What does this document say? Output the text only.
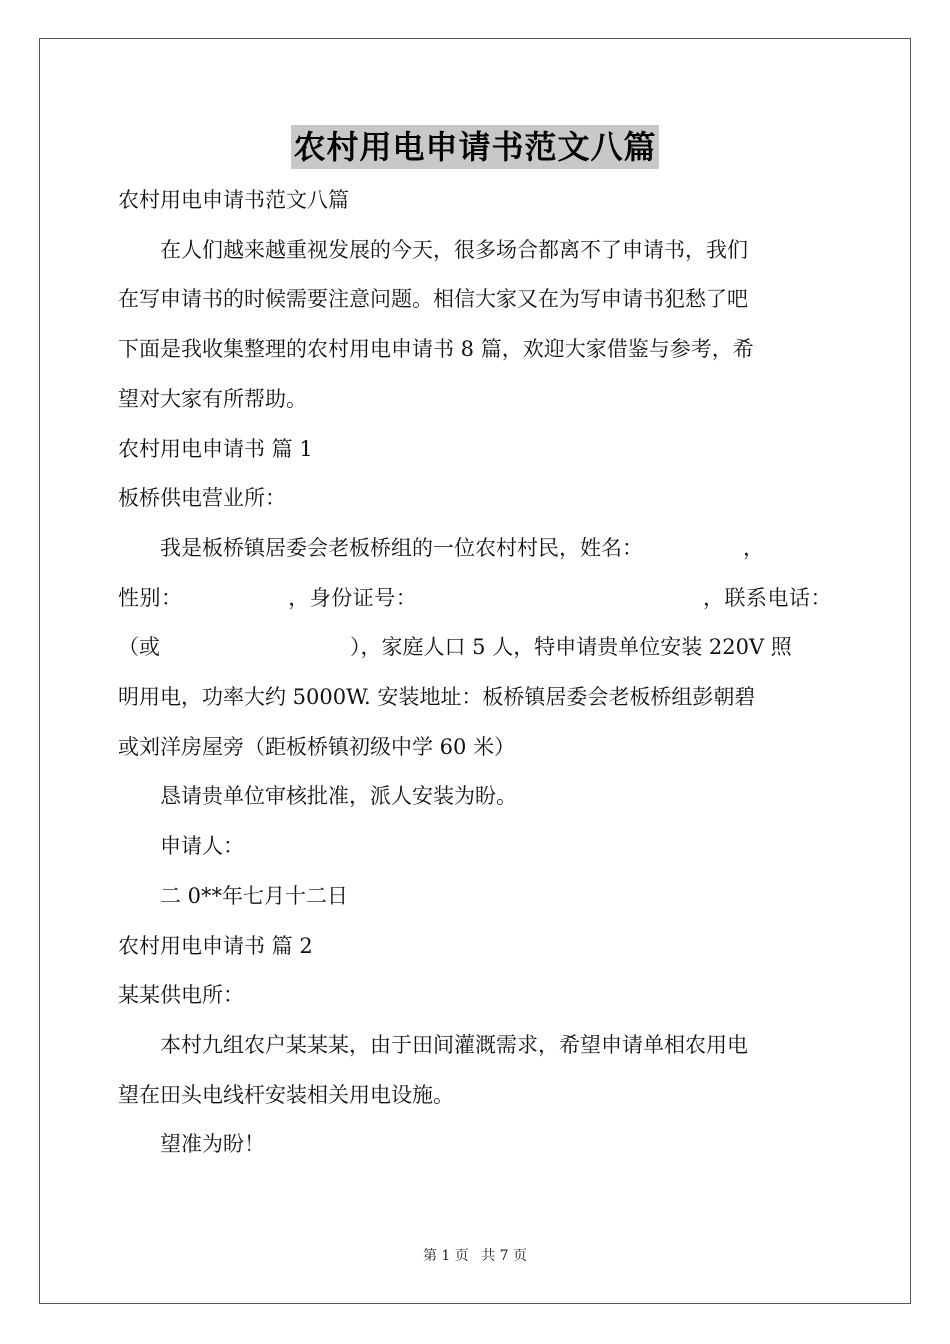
农村用电申请书范文八篇

农村用电申请书范文八篇

在人们越来越重视发展的今天，很多场合都离不了申请书，我们

在写申请书的时候需要注意问题。相信大家又在为写申请书犯愁了吧

下面是我收集整理的农村用电申请书 8 篇，欢迎大家借鉴与参考，希

望对大家有所帮助。

农村用电申请书 篇 1

板桥供电营业所：

我是板桥镇居委会老板桥组的一位农村村民，姓名：	，

性别：	，身份证号：	，联系电话：

（或	），家庭人口 5 人，特申请贵单位安装 220V 照

明用电，功率大约 5000W. 安装地址：板桥镇居委会老板桥组彭朝碧

或刘洋房屋旁（距板桥镇初级中学 60 米）

恳请贵单位审核批准，派人安装为盼。

申请人：

二 0**年七月十二日

农村用电申请书 篇 2

某某供电所：

本村九组农户某某某，由于田间灌溉需求，希望申请单相农用电

望在田头电线杆安装相关用电设施。

望准为盼！

第 1 页 共 7 页
